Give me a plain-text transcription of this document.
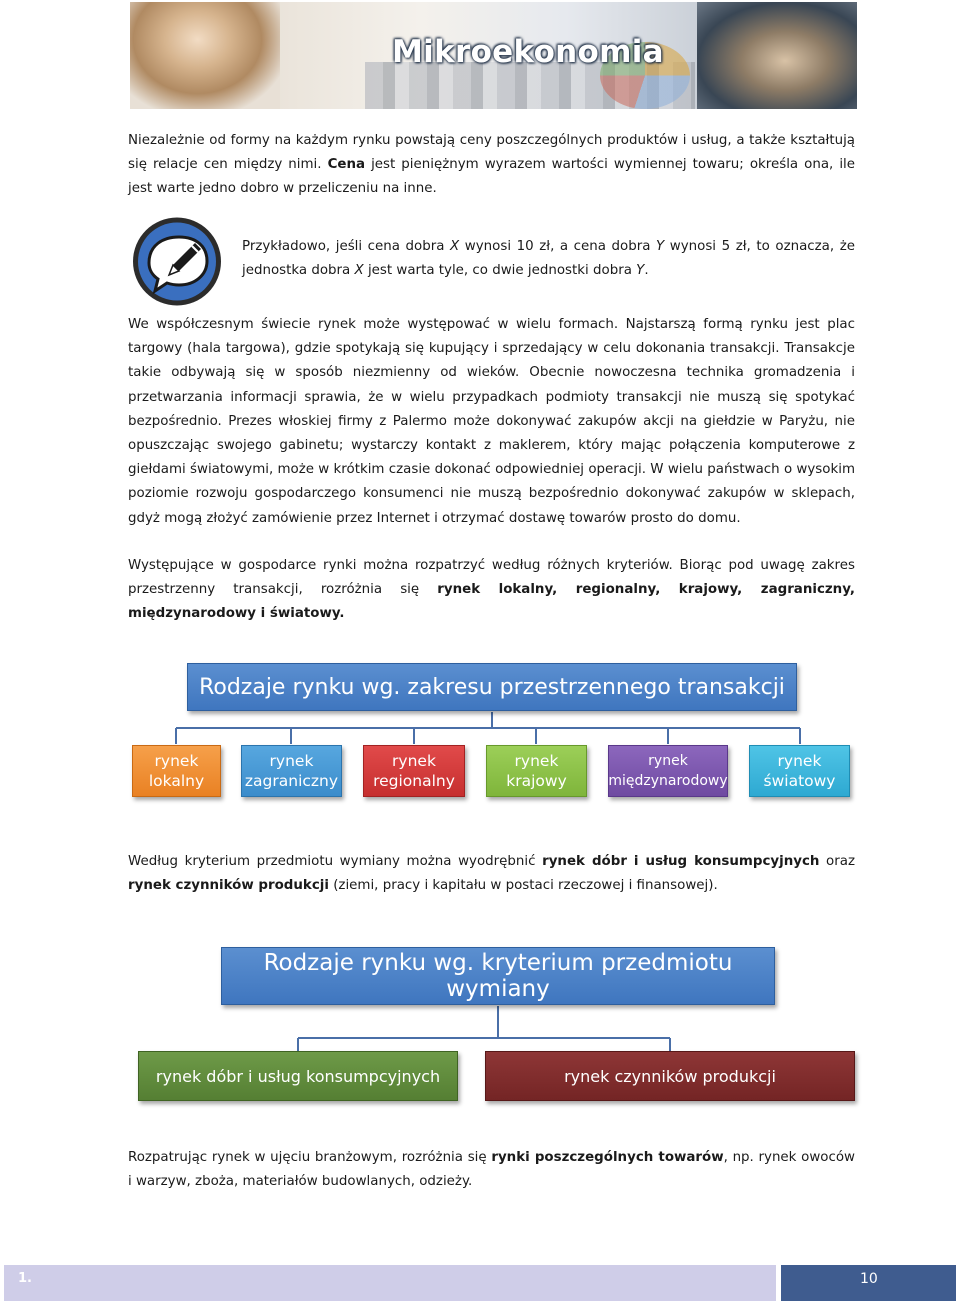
Mikroekonomia

Niezależnie od formy na każdym rynku powstają ceny poszczególnych produktów i usług, a także kształtują się relacje cen między nimi. Cena jest pieniężnym wyrazem wartości wymiennej towaru; określa ona, ile jest warte jedno dobro w przeliczeniu na inne.

Przykładowo, jeśli cena dobra X wynosi 10 zł, a cena dobra Y wynosi 5 zł, to oznacza, że jednostka dobra X jest warta tyle, co dwie jednostki dobra Y.

We współczesnym świecie rynek może występować w wielu formach. Najstarszą formą rynku jest plac targowy (hala targowa), gdzie spotykają się kupujący i sprzedający w celu dokonania transakcji. Transakcje takie odbywają się w sposób niezmienny od wieków. Obecnie nowoczesna technika gromadzenia i przetwarzania informacji sprawia, że w wielu przypadkach podmioty transakcji nie muszą się spotykać bezpośrednio. Prezes włoskiej firmy z Palermo może dokonywać zakupów akcji na giełdzie w Paryżu, nie opuszczając swojego gabinetu; wystarczy kontakt z maklerem, który mając połączenia komputerowe z giełdami światowymi, może w krótkim czasie dokonać odpowiedniej operacji. W wielu państwach o wysokim poziomie rozwoju gospodarczego konsumenci nie muszą bezpośrednio dokonywać zakupów w sklepach, gdyż mogą złożyć zamówienie przez Internet i otrzymać dostawę towarów prosto do domu.

Występujące w gospodarce rynki można rozpatrzyć według różnych kryteriów. Biorąc pod uwagę zakres przestrzenny transakcji, rozróżnia się rynek lokalny, regionalny, krajowy, zagraniczny, międzynarodowy i światowy.

Rodzaje rynku wg. zakresu przestrzennego transakcji
rynek
lokalny
rynek
zagraniczny
rynek
regionalny
rynek
krajowy
rynek
międzynarodowy
rynek
światowy

Według kryterium przedmiotu wymiany można wyodrębnić rynek dóbr i usług konsumpcyjnych oraz rynek czynników produkcji (ziemi, pracy i kapitału w postaci rzeczowej i finansowej).

Rodzaje rynku wg. kryterium przedmiotu wymiany
rynek dóbr i usług konsumpcyjnych	rynek czynników produkcji

Rozpatrując rynek w ujęciu branżowym, rozróżnia się rynki poszczególnych towarów, np. rynek owoców i warzyw, zboża, materiałów budowlanych, odzieży.

1.	10
